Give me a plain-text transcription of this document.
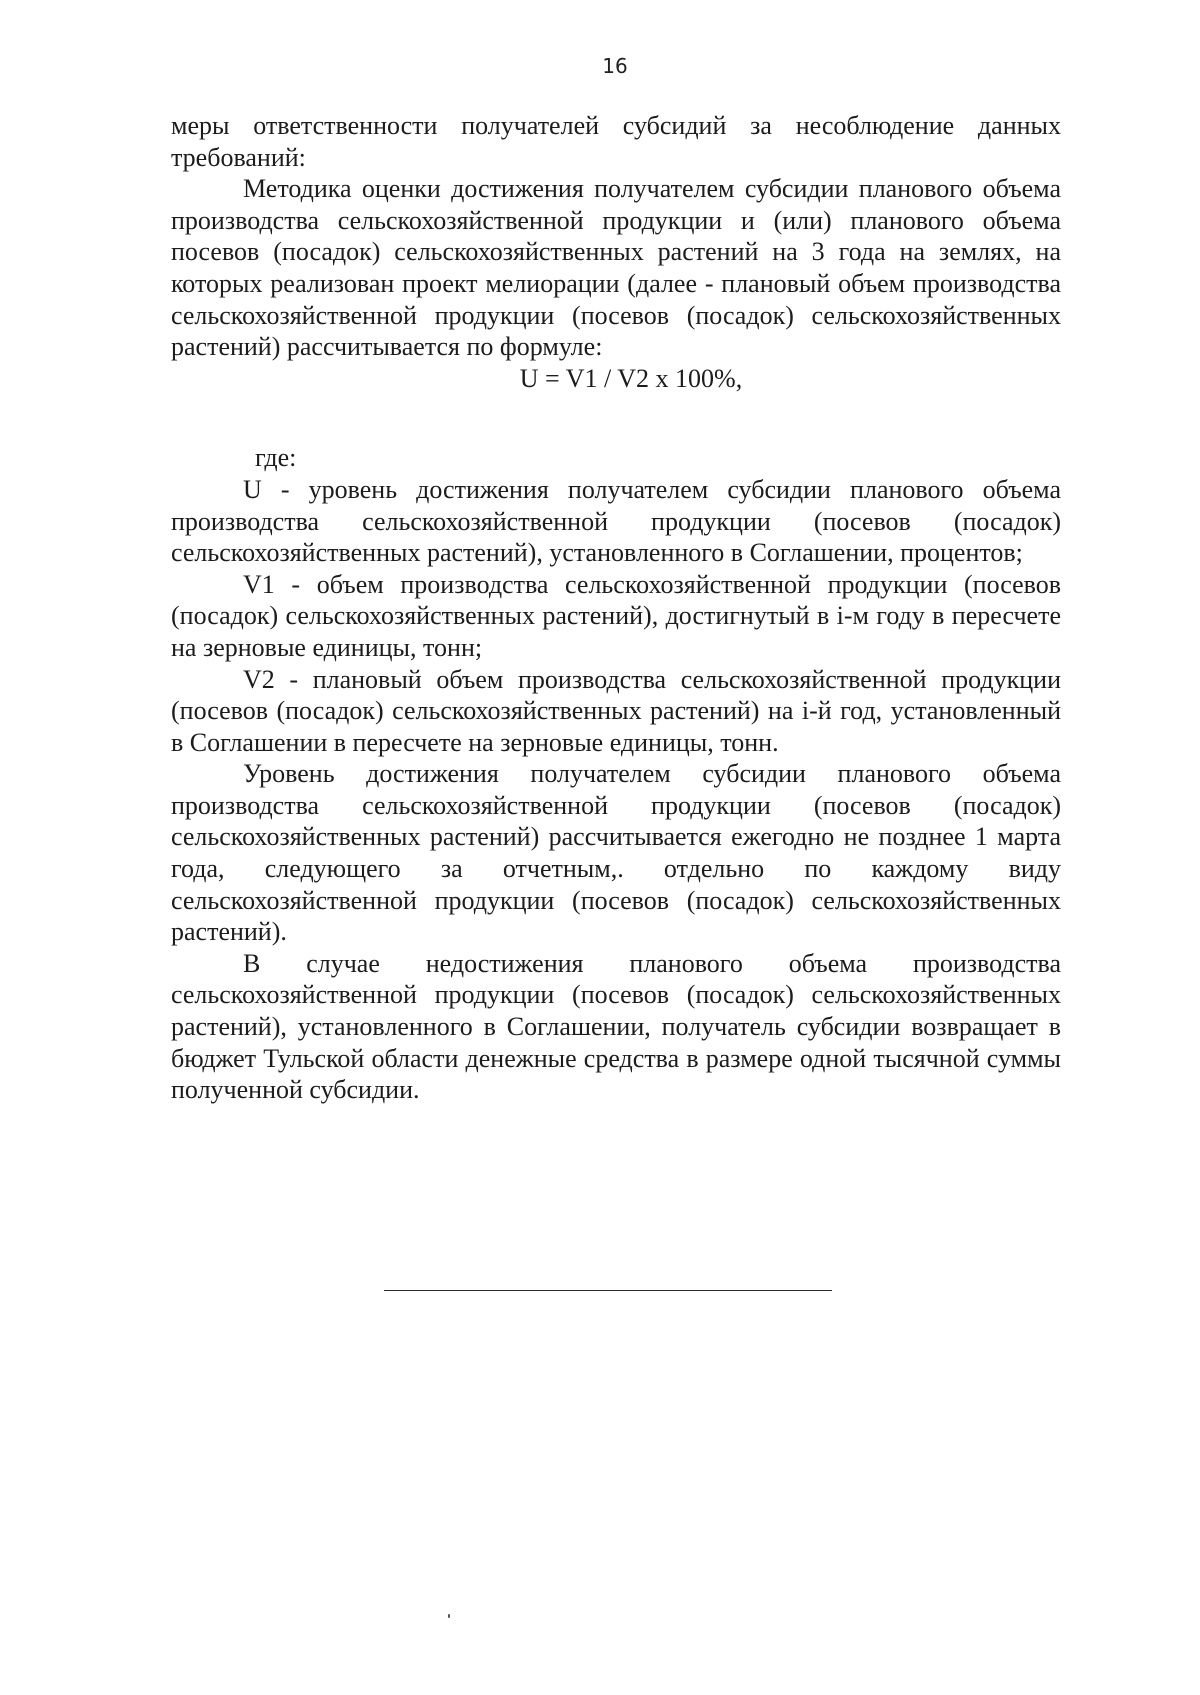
16

меры ответственности получателей субсидий за несоблюдение данных требований:

Методика оценки достижения получателем субсидии планового объема производства сельскохозяйственной продукции и (или) планового объема посевов (посадок) сельскохозяйственных растений на 3 года на землях, на которых реализован проект мелиорации (далее - плановый объем производства сельскохозяйственной продукции (посевов (посадок) сельскохозяйственных растений) рассчитывается по формуле:

U = V1 / V2 x 100%,

где:

U - уровень достижения получателем субсидии планового объема производства сельскохозяйственной продукции (посевов (посадок) сельскохозяйственных растений), установленного в Соглашении, процентов;

V1 - объем производства сельскохозяйственной продукции (посевов (посадок) сельскохозяйственных растений), достигнутый в i-м году в пересчете на зерновые единицы, тонн;

V2 - плановый объем производства сельскохозяйственной продукции (посевов (посадок) сельскохозяйственных растений) на i-й год, установленный в Соглашении в пересчете на зерновые единицы, тонн.

Уровень достижения получателем субсидии планового объема производства сельскохозяйственной продукции (посевов (посадок) сельскохозяйственных растений) рассчитывается ежегодно не позднее 1 марта года, следующего за отчетным,. отдельно по каждому виду сельскохозяйственной продукции (посевов (посадок) сельскохозяйственных растений).

В случае недостижения планового объема производства сельскохозяйственной продукции (посевов (посадок) сельскохозяйственных растений), установленного в Соглашении, получатель субсидии возвращает в бюджет Тульской области денежные средства в размере одной тысячной суммы полученной субсидии.
